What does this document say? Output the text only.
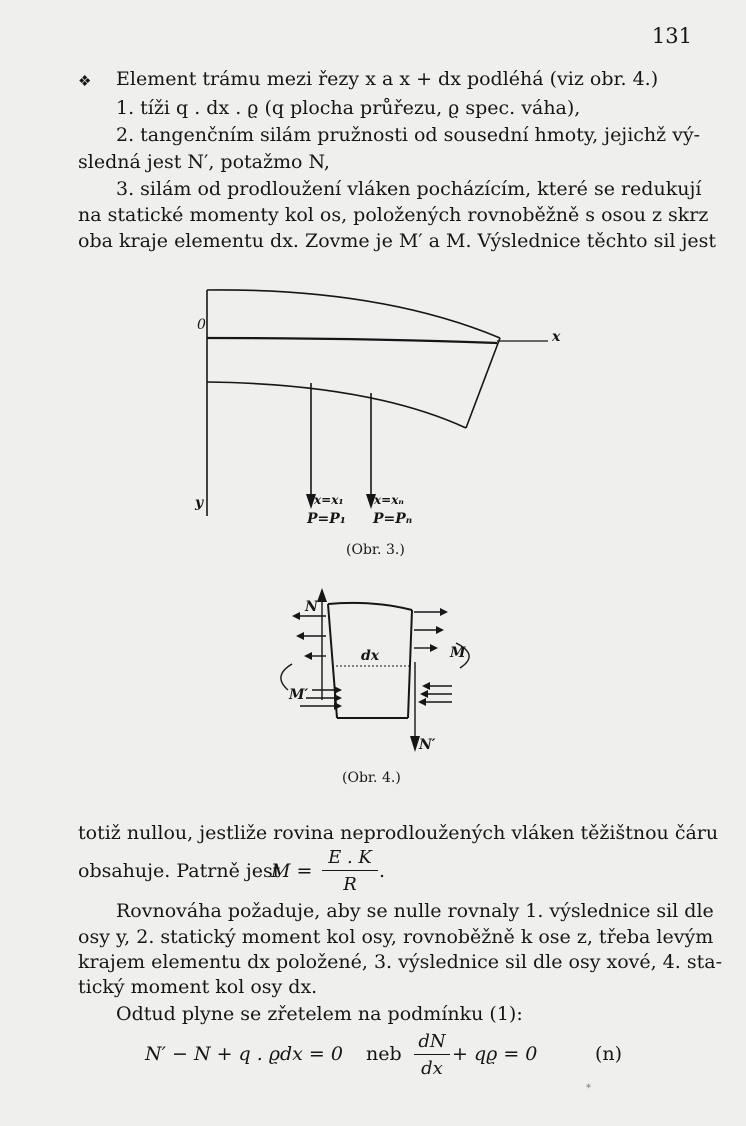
131
❖ Element trámu mezi řezy x a x + dx podléhá (viz obr. 4.)
1. tíži q . dx . ϱ (q plocha průřezu, ϱ spec. váha),
2. tangenčním silám pružnosti od sousední hmoty, jejichž vý-
sledná jest N′, potažmo N,
3. silám od prodloužení vláken pocházícím, které se redukují
na statické momenty kol os, položených rovnoběžně s osou z skrz
oba kraje elementu dx. Zovme je M′ a M. Výslednice těchto sil jest
0
x
y	x=x₁
P=P₁
x=xₙ
P=Pₙ
(Obr. 3.)
N
dx	M
M′
N′
(Obr. 4.)
totiž nullou, jestliže rovina neprodloužených vláken těžištnou čáru
obsahuje. Patrně jest
M =
E . K
R
.
Rovnováha požaduje, aby se nulle rovnaly 1. výslednice sil dle
osy y, 2. statický moment kol osy, rovnoběžně k ose z, třeba levým
krajem elementu dx položené, 3. výslednice sil dle osy xové, 4. sta-
tický moment kol osy dx.
Odtud plyne se zřetelem na podmínku (1):
N′ − N + q . ϱdx = 0 neb
dN
dx
+ qϱ = 0	(n)
*
